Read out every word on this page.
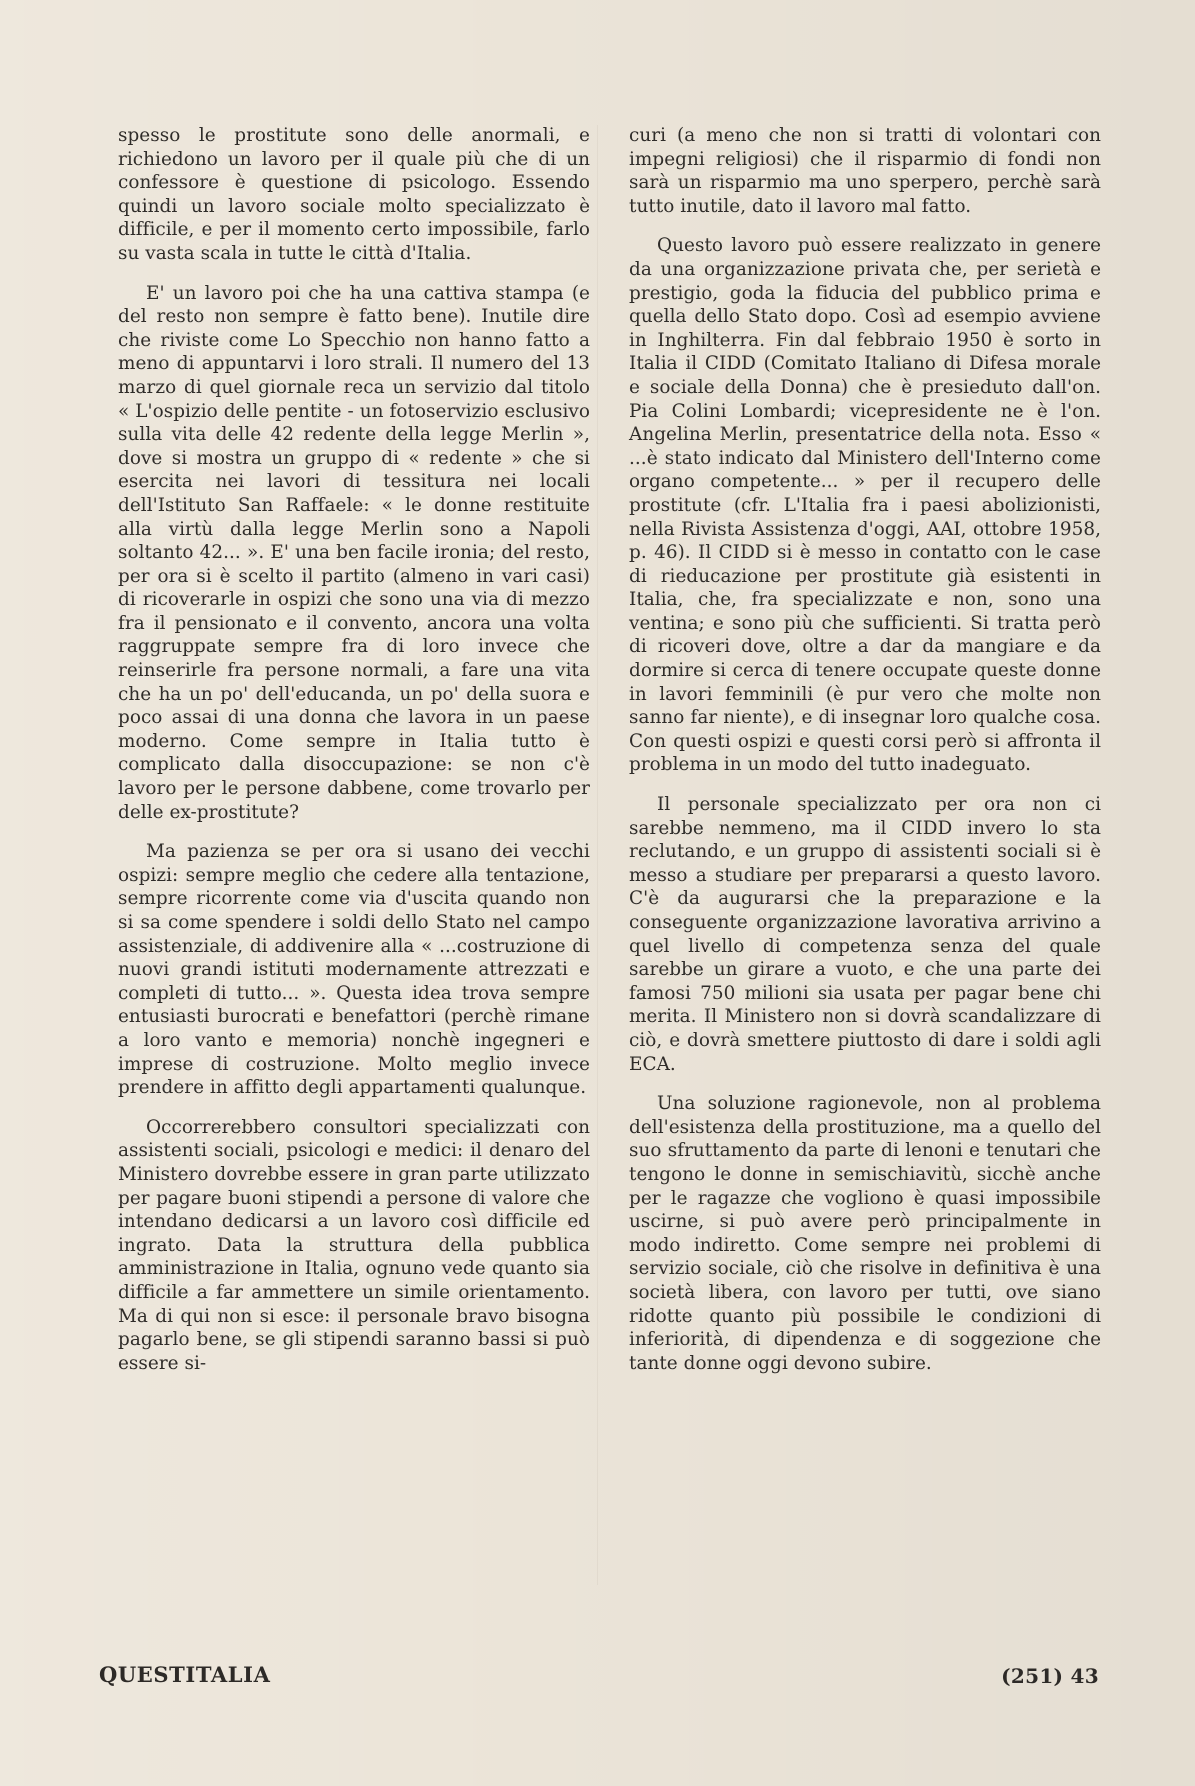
spesso le prostitute sono delle anormali, e richiedono un lavoro per il quale più che di un confessore è questione di psicologo. Essendo quindi un lavoro sociale molto specializzato è difficile, e per il momento certo impossibile, farlo su vasta scala in tutte le città d'Italia.

E' un lavoro poi che ha una cattiva stampa (e del resto non sempre è fatto bene). Inutile dire che riviste come Lo Specchio non hanno fatto a meno di appuntarvi i loro strali. Il numero del 13 marzo di quel giornale reca un servizio dal titolo « L'ospizio delle pentite - un fotoservizio esclusivo sulla vita delle 42 redente della legge Merlin », dove si mostra un gruppo di « redente » che si esercita nei lavori di tessitura nei locali dell'Istituto San Raffaele: « le donne restituite alla virtù dalla legge Merlin sono a Napoli soltanto 42... ». E' una ben facile ironia; del resto, per ora si è scelto il partito (almeno in vari casi) di ricoverarle in ospizi che sono una via di mezzo fra il pensionato e il convento, ancora una volta raggruppate sempre fra di loro invece che reinserirle fra persone normali, a fare una vita che ha un po' dell'educanda, un po' della suora e poco assai di una donna che lavora in un paese moderno. Come sempre in Italia tutto è complicato dalla disoccupazione: se non c'è lavoro per le persone dabbene, come trovarlo per delle ex-prostitute?

Ma pazienza se per ora si usano dei vecchi ospizi: sempre meglio che cedere alla tentazione, sempre ricorrente come via d'uscita quando non si sa come spendere i soldi dello Stato nel campo assistenziale, di addivenire alla « ...costruzione di nuovi grandi istituti modernamente attrezzati e completi di tutto... ». Questa idea trova sempre entusiasti burocrati e benefattori (perchè rimane a loro vanto e memoria) nonchè ingegneri e imprese di costruzione. Molto meglio invece prendere in affitto degli appartamenti qualunque.

Occorrerebbero consultori specializzati con assistenti sociali, psicologi e medici: il denaro del Ministero dovrebbe essere in gran parte utilizzato per pagare buoni stipendi a persone di valore che intendano dedicarsi a un lavoro così difficile ed ingrato. Data la struttura della pubblica amministrazione in Italia, ognuno vede quanto sia difficile a far ammettere un simile orientamento. Ma di qui non si esce: il personale bravo bisogna pagarlo bene, se gli stipendi saranno bassi si può essere si-

curi (a meno che non si tratti di volontari con impegni religiosi) che il risparmio di fondi non sarà un risparmio ma uno sperpero, perchè sarà tutto inutile, dato il lavoro mal fatto.

Questo lavoro può essere realizzato in genere da una organizzazione privata che, per serietà e prestigio, goda la fiducia del pubblico prima e quella dello Stato dopo. Così ad esempio avviene in Inghilterra. Fin dal febbraio 1950 è sorto in Italia il CIDD (Comitato Italiano di Difesa morale e sociale della Donna) che è presieduto dall'on. Pia Colini Lombardi; vicepresidente ne è l'on. Angelina Merlin, presentatrice della nota. Esso « ...è stato indicato dal Ministero dell'Interno come organo competente... » per il recupero delle prostitute (cfr. L'Italia fra i paesi abolizionisti, nella Rivista Assistenza d'oggi, AAI, ottobre 1958, p. 46). Il CIDD si è messo in contatto con le case di rieducazione per prostitute già esistenti in Italia, che, fra specializzate e non, sono una ventina; e sono più che sufficienti. Si tratta però di ricoveri dove, oltre a dar da mangiare e da dormire si cerca di tenere occupate queste donne in lavori femminili (è pur vero che molte non sanno far niente), e di insegnar loro qualche cosa. Con questi ospizi e questi corsi però si affronta il problema in un modo del tutto inadeguato.

Il personale specializzato per ora non ci sarebbe nemmeno, ma il CIDD invero lo sta reclutando, e un gruppo di assistenti sociali si è messo a studiare per prepararsi a questo lavoro. C'è da augurarsi che la preparazione e la conseguente organizzazione lavorativa arrivino a quel livello di competenza senza del quale sarebbe un girare a vuoto, e che una parte dei famosi 750 milioni sia usata per pagar bene chi merita. Il Ministero non si dovrà scandalizzare di ciò, e dovrà smettere piuttosto di dare i soldi agli ECA.

Una soluzione ragionevole, non al problema dell'esistenza della prostituzione, ma a quello del suo sfruttamento da parte di lenoni e tenutari che tengono le donne in semischiavitù, sicchè anche per le ragazze che vogliono è quasi impossibile uscirne, si può avere però principalmente in modo indiretto. Come sempre nei problemi di servizio sociale, ciò che risolve in definitiva è una società libera, con lavoro per tutti, ove siano ridotte quanto più possibile le condizioni di inferiorità, di dipendenza e di soggezione che tante donne oggi devono subire.

QUESTITALIA	(251) 43
